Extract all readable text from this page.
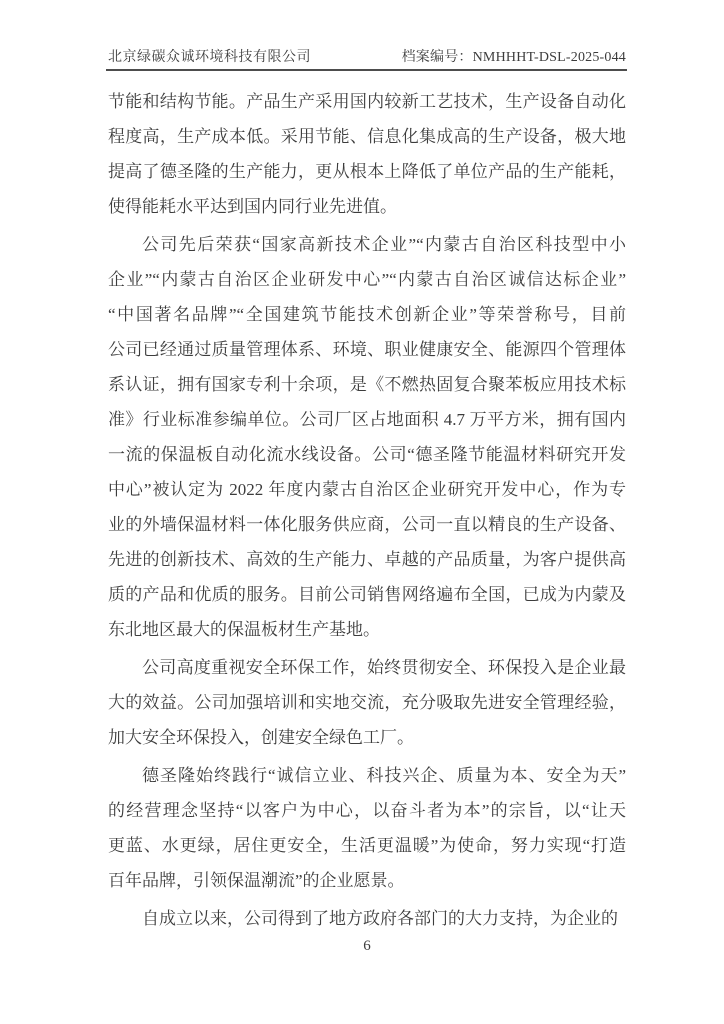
北京绿碳众诚环境科技有限公司	档案编号：NMHHHT-DSL-2025-044
节能和结构节能。产品生产采用国内较新工艺技术，生产设备自动化
程度高，生产成本低。采用节能、信息化集成高的生产设备，极大地
提高了德圣隆的生产能力，更从根本上降低了单位产品的生产能耗，
使得能耗水平达到国内同行业先进值。
公司先后荣获“国家高新技术企业”“内蒙古自治区科技型中小
企业”“内蒙古自治区企业研发中心”“内蒙古自治区诚信达标企业”
“中国著名品牌”“全国建筑节能技术创新企业”等荣誉称号，目前
公司已经通过质量管理体系、环境、职业健康安全、能源四个管理体
系认证，拥有国家专利十余项，是《不燃热固复合聚苯板应用技术标
准》行业标准参编单位。公司厂区占地面积 4.7 万平方米，拥有国内
一流的保温板自动化流水线设备。公司“德圣隆节能温材料研究开发
中心”被认定为 2022 年度内蒙古自治区企业研究开发中心，作为专
业的外墙保温材料一体化服务供应商，公司一直以精良的生产设备、
先进的创新技术、高效的生产能力、卓越的产品质量，为客户提供高
质的产品和优质的服务。目前公司销售网络遍布全国，已成为内蒙及
东北地区最大的保温板材生产基地。
公司高度重视安全环保工作，始终贯彻安全、环保投入是企业最
大的效益。公司加强培训和实地交流，充分吸取先进安全管理经验，
加大安全环保投入，创建安全绿色工厂。
德圣隆始终践行“诚信立业、科技兴企、质量为本、安全为天”
的经营理念坚持“以客户为中心，以奋斗者为本”的宗旨，以“让天
更蓝、水更绿，居住更安全，生活更温暖”为使命，努力实现“打造
百年品牌，引领保温潮流”的企业愿景。
自成立以来，公司得到了地方政府各部门的大力支持，为企业的
6
